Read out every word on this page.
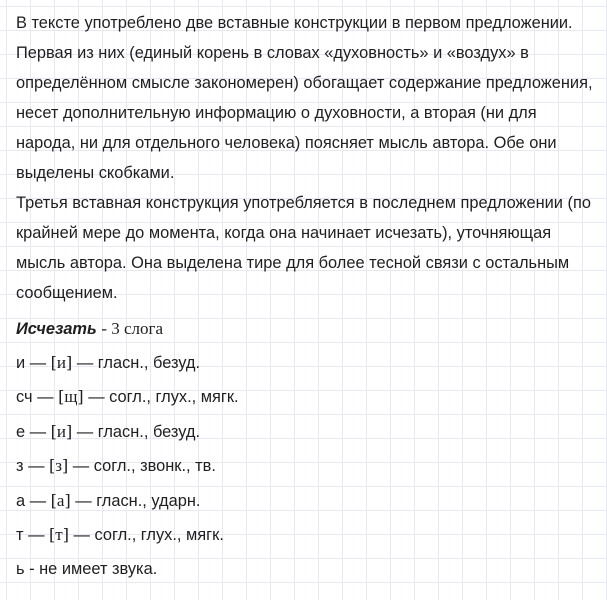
В тексте употреблено две вставные конструкции в первом предложении. Первая из них (единый корень в словах «духовность» и «воздух» в определённом смысле закономерен) обогащает содержание предложения, несет дополнительную информацию о духовности, а вторая (ни для народа, ни для отдельного человека) поясняет мысль автора. Обе они выделены скобками.

Третья вставная конструкция употребляется в последнем предложении (по крайней мере до момента, когда она начинает исчезать), уточняющая мысль автора. Она выделена тире для более тесной связи с остальным сообщением.

Исчезать - 3 слога
и — [и] — гласн., безуд.
сч — [щ] — согл., глух., мягк.
е — [и] — гласн., безуд.
з — [з] — согл., звонк., тв.
а — [а] — гласн., ударн.
т — [т] — согл., глух., мягк.
ь - не имеет звука.
